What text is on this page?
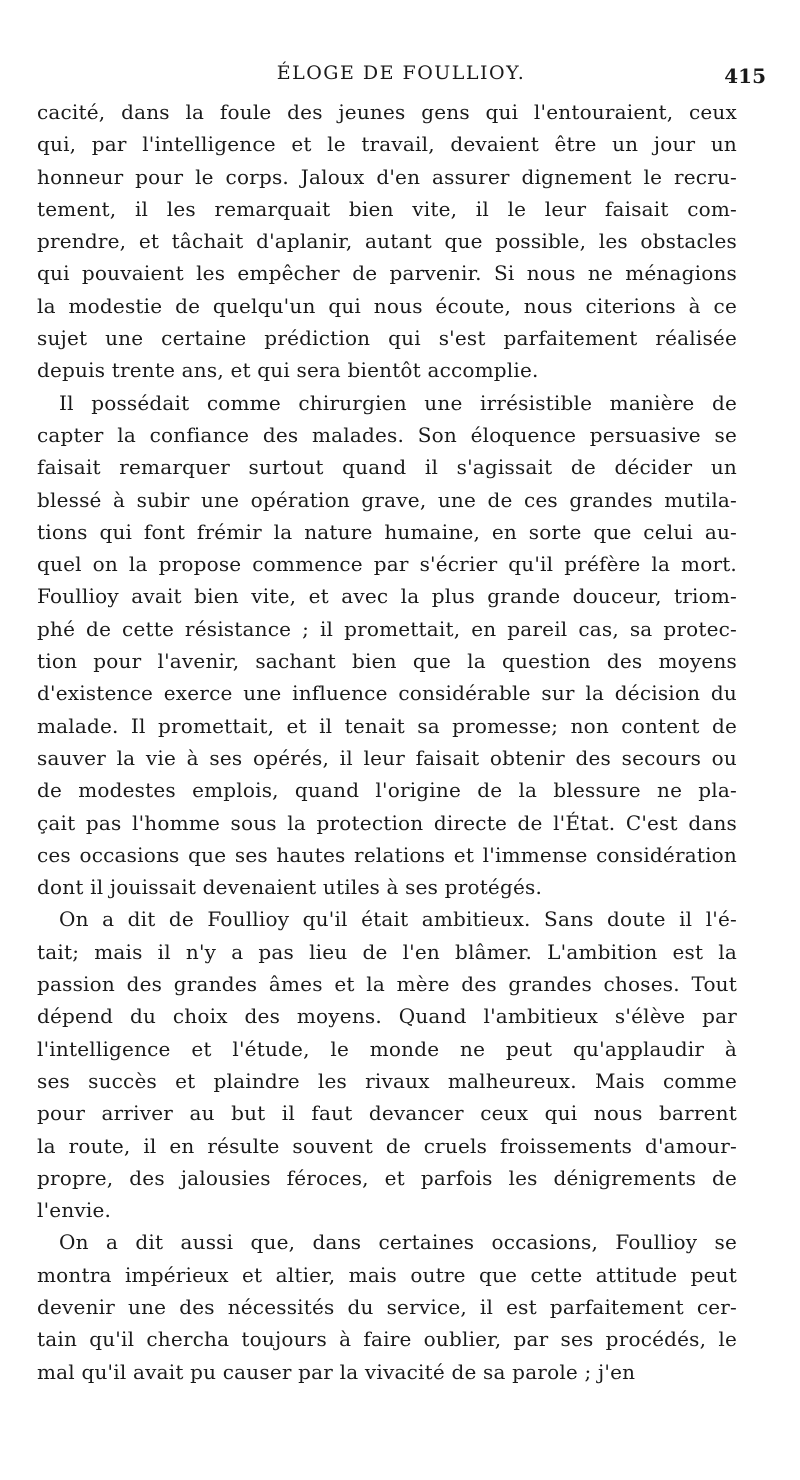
ÉLOGE DE FOULLIOY.	415
cacité, dans la foule des jeunes gens qui l'entouraient, ceux
qui, par l'intelligence et le travail, devaient être un jour un
honneur pour le corps. Jaloux d'en assurer dignement le recru-
tement, il les remarquait bien vite, il le leur faisait com-
prendre, et tâchait d'aplanir, autant que possible, les obstacles
qui pouvaient les empêcher de parvenir. Si nous ne ménagions
la modestie de quelqu'un qui nous écoute, nous citerions à ce
sujet une certaine prédiction qui s'est parfaitement réalisée
depuis trente ans, et qui sera bientôt accomplie.
Il possédait comme chirurgien une irrésistible manière de
capter la confiance des malades. Son éloquence persuasive se
faisait remarquer surtout quand il s'agissait de décider un
blessé à subir une opération grave, une de ces grandes mutila-
tions qui font frémir la nature humaine, en sorte que celui au-
quel on la propose commence par s'écrier qu'il préfère la mort.
Foullioy avait bien vite, et avec la plus grande douceur, triom-
phé de cette résistance ; il promettait, en pareil cas, sa protec-
tion pour l'avenir, sachant bien que la question des moyens
d'existence exerce une influence considérable sur la décision du
malade. Il promettait, et il tenait sa promesse; non content de
sauver la vie à ses opérés, il leur faisait obtenir des secours ou
de modestes emplois, quand l'origine de la blessure ne pla-
çait pas l'homme sous la protection directe de l'État. C'est dans
ces occasions que ses hautes relations et l'immense considération
dont il jouissait devenaient utiles à ses protégés.
On a dit de Foullioy qu'il était ambitieux. Sans doute il l'é-
tait; mais il n'y a pas lieu de l'en blâmer. L'ambition est la
passion des grandes âmes et la mère des grandes choses. Tout
dépend du choix des moyens. Quand l'ambitieux s'élève par
l'intelligence et l'étude, le monde ne peut qu'applaudir à
ses succès et plaindre les rivaux malheureux. Mais comme
pour arriver au but il faut devancer ceux qui nous barrent
la route, il en résulte souvent de cruels froissements d'amour-
propre, des jalousies féroces, et parfois les dénigrements de
l'envie.
On a dit aussi que, dans certaines occasions, Foullioy se
montra impérieux et altier, mais outre que cette attitude peut
devenir une des nécessités du service, il est parfaitement cer-
tain qu'il chercha toujours à faire oublier, par ses procédés, le
mal qu'il avait pu causer par la vivacité de sa parole ; j'en
